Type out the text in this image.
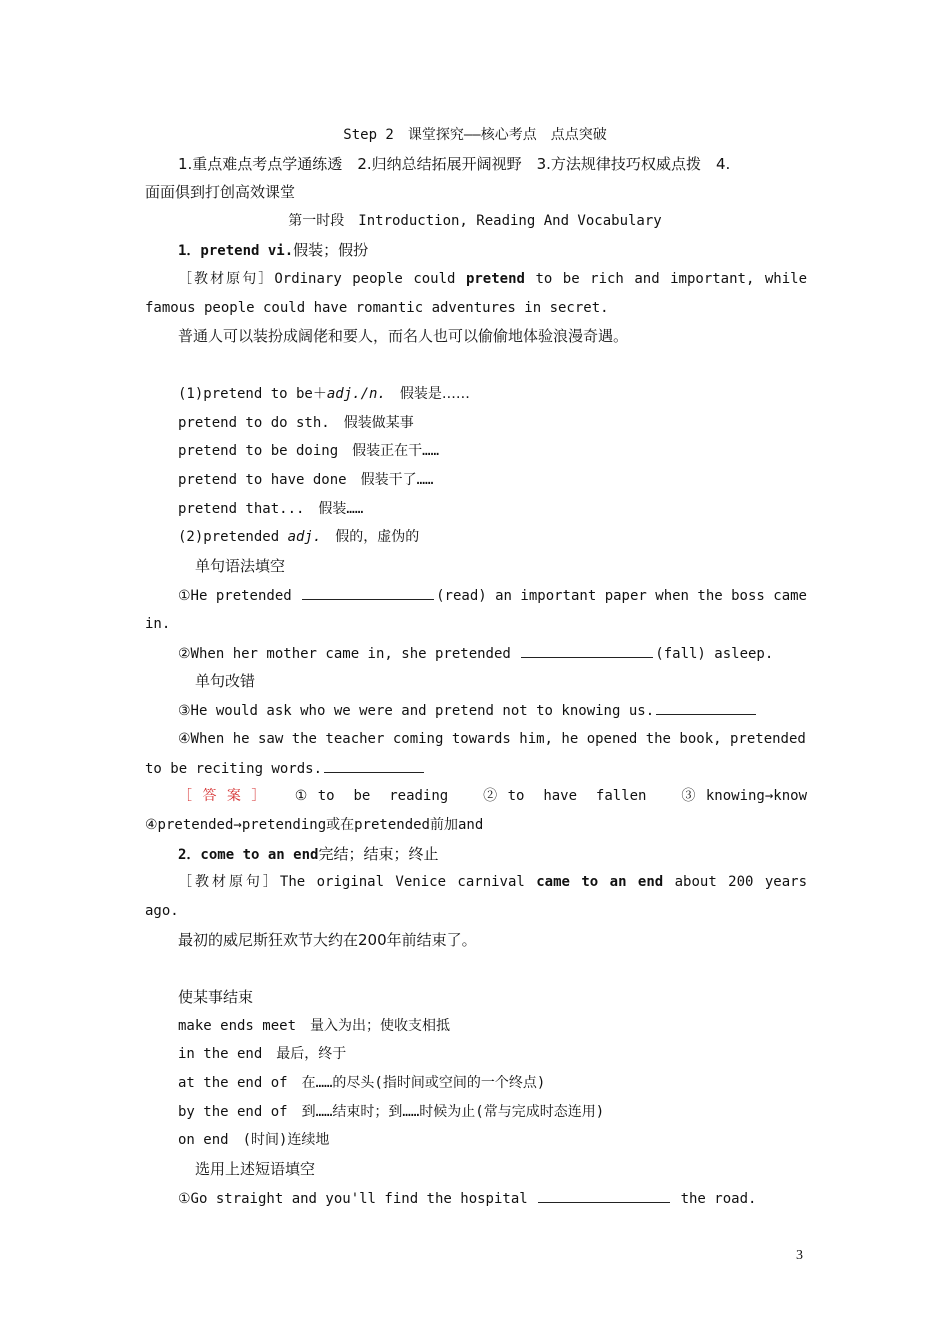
Step 2　课堂探究——核心考点　点点突破
1.重点难点考点学通练透　2.归纳总结拓展开阔视野　3.方法规律技巧权威点拨　4.
面面俱到打创高效课堂
第一时段　Introduction, Reading And Vocabulary
1．pretend vi.假装；假扮
［教材原句］Ordinary people could pretend to be rich and important, while
famous people could have romantic adventures in secret.
普通人可以装扮成阔佬和要人，而名人也可以偷偷地体验浪漫奇遇。
(1)pretend to be＋adj./n.　假装是……
pretend to do sth.　假装做某事
pretend to be doing　假装正在干……
pretend to have done　假装干了……
pretend that...　假装……
(2)pretended adj.　假的，虚伪的
单句语法填空
①He pretended	(read) an important paper when the boss came
in.
②When her mother came in, she pretended	(fall) asleep.
单句改错
③He would ask who we were and pretend not to knowing us.
④When he saw the teacher coming towards him, he opened the book, pretended
to be reciting words.
［答案］ ①to be reading　②to have fallen　③knowing→know
④pretended→pretending或在pretended前加and
2．come to an end完结；结束；终止
［教材原句］The original Venice carnival came to an end about 200 years
ago.
最初的威尼斯狂欢节大约在200年前结束了。
使某事结束
make ends meet　量入为出；使收支相抵
in the end　最后，终于
at the end of　在……的尽头(指时间或空间的一个终点)
by the end of　到……结束时；到……时候为止(常与完成时态连用)
on end　(时间)连续地
选用上述短语填空
①Go straight and you'll find the hospital	the road.
3
